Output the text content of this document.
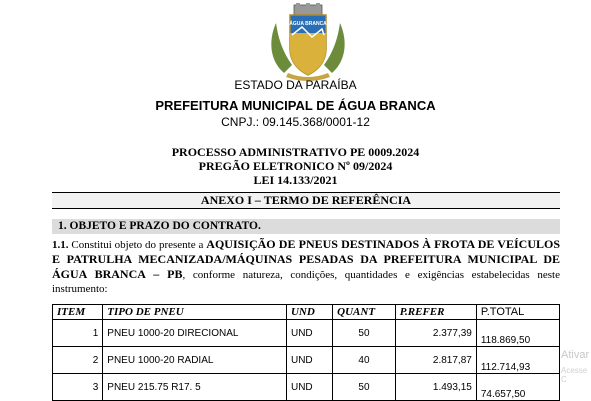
ÁGUA BRANCA
ESTADO DA PARAÍBA
PREFEITURA MUNICIPAL DE ÁGUA BRANCA
CNPJ.: 09.145.368/0001-12
PROCESSO ADMINISTRATIVO PE 0009.2024
PREGÃO ELETRONICO Nº 09/2024
LEI 14.133/2021
ANEXO I – TERMO DE REFERÊNCIA
1. OBJETO E PRAZO DO CONTRATO.
1.1. Constitui objeto do presente a AQUISIÇÃO DE PNEUS DESTINADOS À FROTA DE VEÍCULOS E PATRULHA MECANIZADA/MÁQUINAS PESADAS DA PREFEITURA MUNICIPAL DE ÁGUA BRANCA – PB, conforme natureza, condições, quantidades e exigências estabelecidas neste instrumento:
ITEM	TIPO DE PNEU	UND	QUANT	P.REFER	P.TOTAL
1	PNEU 1000-20 DIRECIONAL	UND	50	2.377,39	118.869,50
2	PNEU 1000-20 RADIAL	UND	40	2.817,87	112.714,93
3	PNEU 215.75 R17. 5	UND	50	1.493,15	74.657,50
Ativar
Acesse C
